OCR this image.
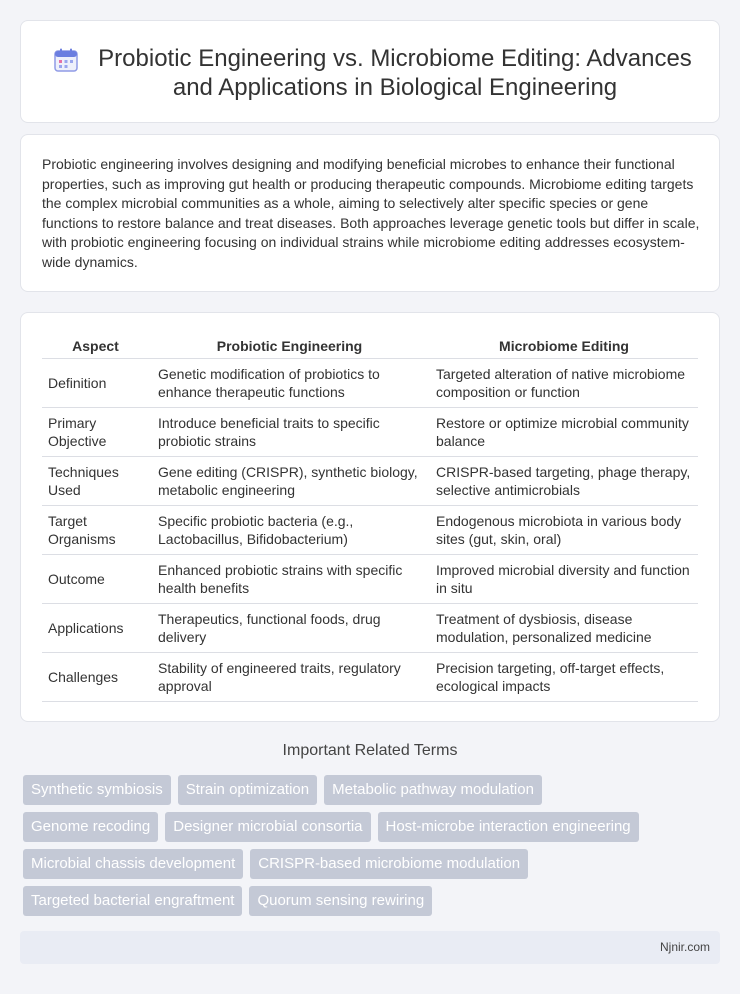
Probiotic Engineering vs. Microbiome Editing: Advances and Applications in Biological Engineering

Probiotic engineering involves designing and modifying beneficial microbes to enhance their functional properties, such as improving gut health or producing therapeutic compounds. Microbiome editing targets the complex microbial communities as a whole, aiming to selectively alter specific species or gene functions to restore balance and treat diseases. Both approaches leverage genetic tools but differ in scale, with probiotic engineering focusing on individual strains while microbiome editing addresses ecosystem-wide dynamics.

Aspect	Probiotic Engineering	Microbiome Editing
Definition	Genetic modification of probiotics to enhance therapeutic functions	Targeted alteration of native microbiome composition or function
Primary Objective	Introduce beneficial traits to specific probiotic strains	Restore or optimize microbial community balance
Techniques Used	Gene editing (CRISPR), synthetic biology, metabolic engineering	CRISPR-based targeting, phage therapy, selective antimicrobials
Target Organisms	Specific probiotic bacteria (e.g., Lactobacillus, Bifidobacterium)	Endogenous microbiota in various body sites (gut, skin, oral)
Outcome	Enhanced probiotic strains with specific health benefits	Improved microbial diversity and function in situ
Applications	Therapeutics, functional foods, drug delivery	Treatment of dysbiosis, disease modulation, personalized medicine
Challenges	Stability of engineered traits, regulatory approval	Precision targeting, off-target effects, ecological impacts
Important Related Terms
Synthetic symbiosis	Strain optimization	Metabolic pathway modulation
Genome recoding	Designer microbial consortia	Host-microbe interaction engineering
Microbial chassis development	CRISPR-based microbiome modulation
Targeted bacterial engraftment	Quorum sensing rewiring
Njnir.com
